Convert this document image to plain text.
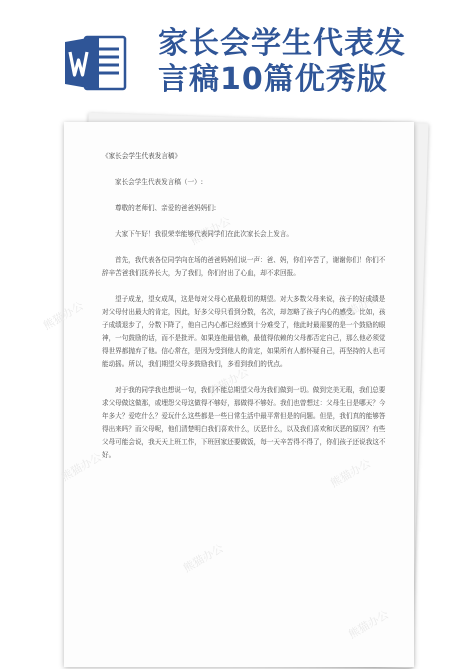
家长会学生代表发
言稿10篇优秀版
熊猫办公
熊猫办公
熊猫办公
熊猫办公
熊猫办公
熊猫办公
熊猫办公
熊猫办公

《家长会学生代表发言稿》

家长会学生代表发言稿（一）:

尊敬的老师们、亲爱的爸爸妈妈们:

大家下午好！我很荣幸能够代表同学们在此次家长会上发言。

首先，我代表各位同学向在场的爸爸妈妈们说一声：爸、妈，你们辛苦了，谢谢你们！你们不辞辛苦爸我们抚养长大，为了我们，你们付出了心血，却不求回报。

望子成龙，望女成凤，这是每对父母心底最殷切的期望。对大多数父母来说，孩子的好成绩是对父母付出最大的肯定，因此，好多父母只看到分数，名次，却忽略了孩子内心的感受。比如，孩子成绩退步了，分数下降了，他自己内心都已经感到十分难受了，他此时最需要的是一个鼓励的眼神，一句鼓励的话，而不是批评。如果连他最信赖，最值得依赖的父母都否定自己，那么他必须觉得世界都抛弃了他。信心常在，是因为受到他人的肯定，如果所有人都怀疑自己，再坚持的人也可能动摇。所以，我们期望父母多鼓励我们，多看到我们的优点。

对于我的同学我也想说一句，我们不能总期望父母为我们做到一切。做到完美无瑕，我们总要求父母做这做那，或埋怨父母这做得不够好，那做得不够好。我们也曾想过：父母生日是哪天？今年多大？爱吃什么？爱玩什么这些都是一些日常生活中最平常但是的问题。但是，我们真的能够答得出来吗？而父母呢，他们清楚明白我们喜欢什么，厌恶什么，以及我们喜欢和厌恶的原因？有些父母可能会说，我天天上班工作，下班回家还要做饭，每一天辛苦得不得了，你们孩子还说我这不好。
